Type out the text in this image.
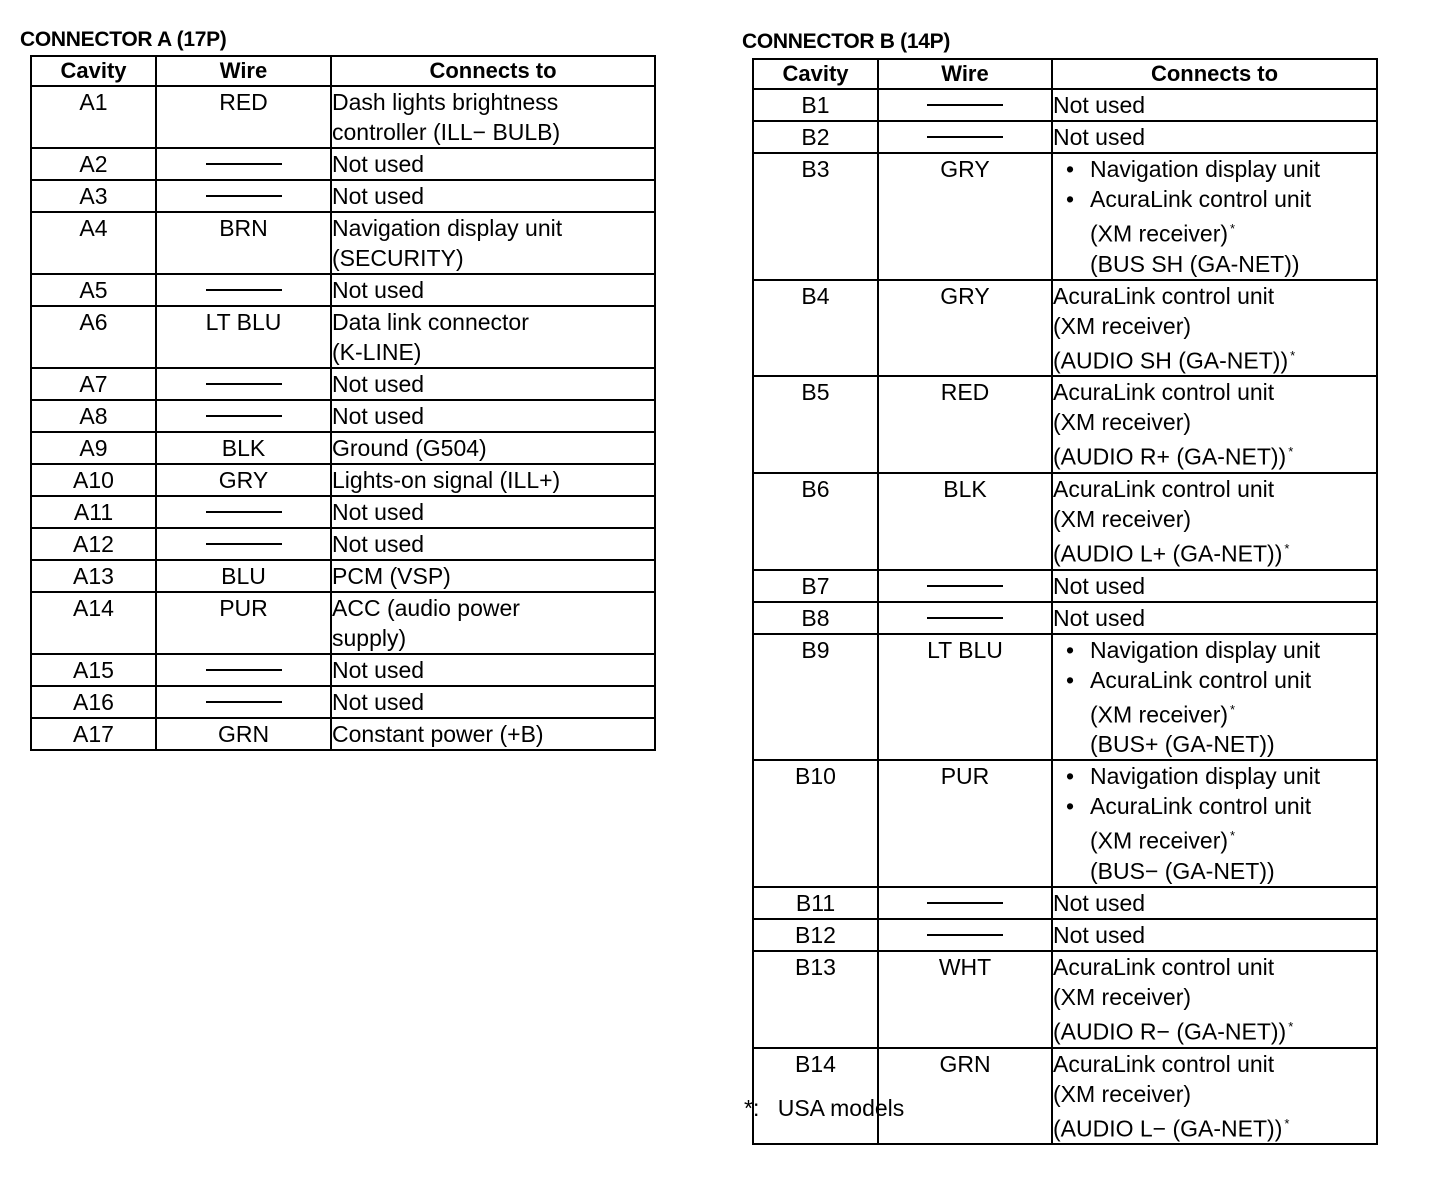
CONNECTOR A (17P)
Cavity	Wire	Connects to
A1	RED	Dash lights brightness
controller (ILL− BULB)

A2		Not used

A3		Not used

A4	BRN	Navigation display unit
(SECURITY)

A5		Not used

A6	LT BLU	Data link connector
(K-LINE)

A7		Not used

A8		Not used

A9	BLK	Ground (G504)

A10	GRY	Lights-on signal (ILL+)

A11		Not used

A12		Not used

A13	BLU	PCM (VSP)

A14	PUR	ACC (audio power
supply)

A15		Not used

A16		Not used

A17	GRN	Constant power (+B)
CONNECTOR B (14P)
Cavity	Wire	Connects to
B1		Not used

B2		Not used

B3	GRY	• Navigation display unit
• AcuraLink control unit
(XM receiver) *
(BUS SH (GA-NET))

B4	GRY	AcuraLink control unit
(XM receiver)
(AUDIO SH (GA-NET)) *

B5	RED	AcuraLink control unit
(XM receiver)
(AUDIO R+ (GA-NET)) *

B6	BLK	AcuraLink control unit
(XM receiver)
(AUDIO L+ (GA-NET)) *

B7		Not used

B8		Not used

B9	LT BLU	• Navigation display unit
• AcuraLink control unit
(XM receiver) *
(BUS+ (GA-NET))

B10	PUR	• Navigation display unit
• AcuraLink control unit
(XM receiver) *
(BUS− (GA-NET))

B11		Not used

B12		Not used

B13	WHT	AcuraLink control unit
(XM receiver)
(AUDIO R− (GA-NET)) *

B14	GRN	AcuraLink control unit
(XM receiver)
(AUDIO L− (GA-NET)) *
*: USA models
